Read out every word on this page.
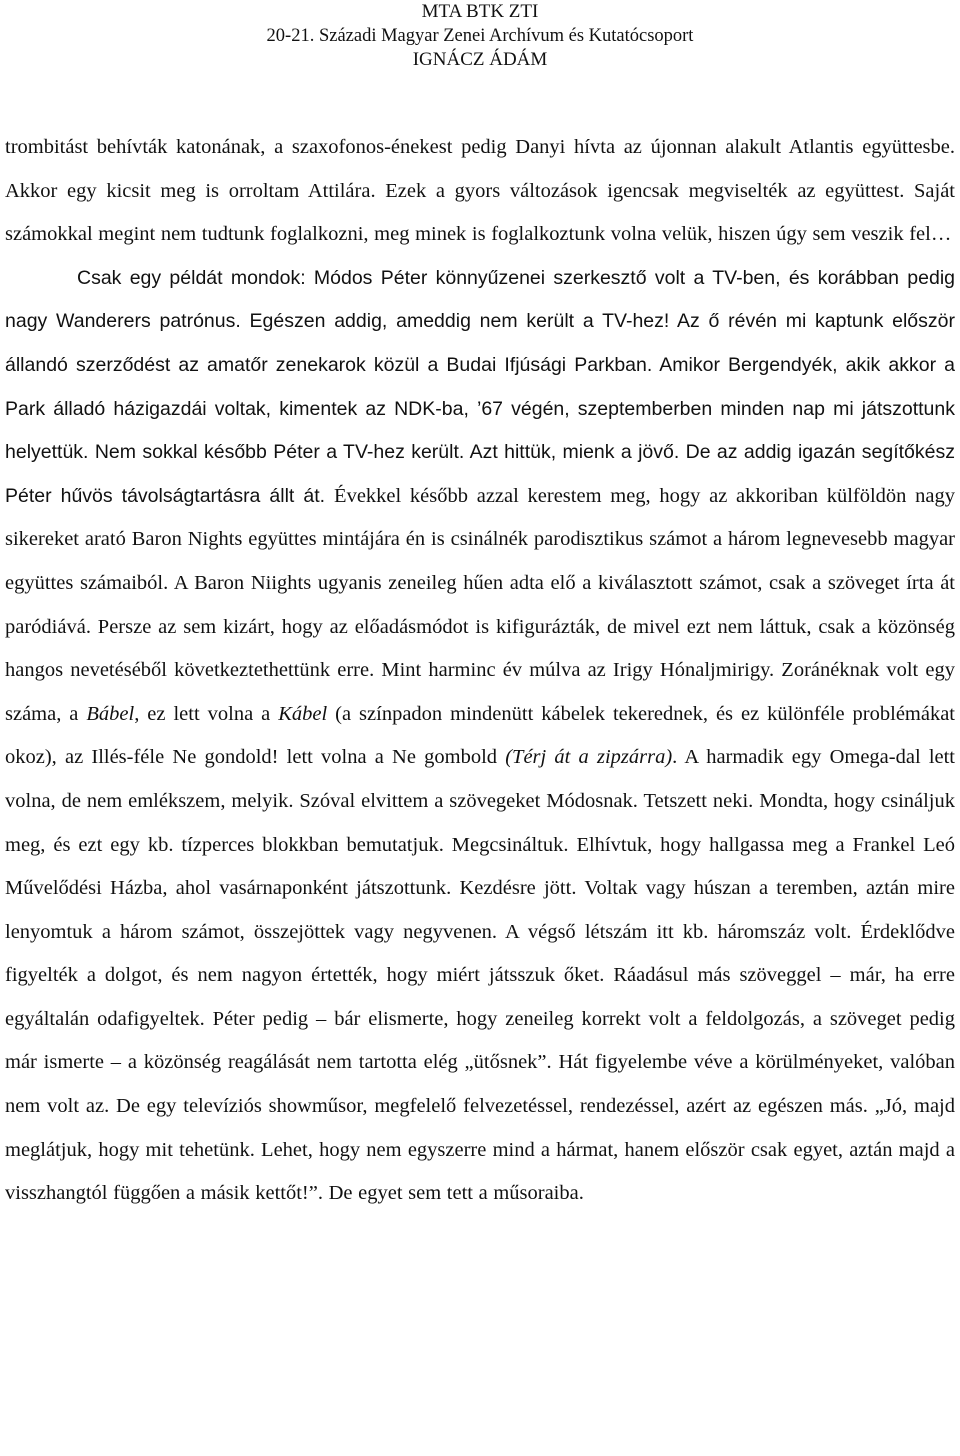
MTA BTK ZTI
20-21. Századi Magyar Zenei Archívum és Kutatócsoport
IGNÁCZ ÁDÁM

trombitást behívták katonának, a szaxofonos-énekest pedig Danyi hívta az újonnan alakult Atlantis együttesbe. Akkor egy kicsit meg is orroltam Attilára. Ezek a gyors változások igencsak megviselték az együttest. Saját számokkal megint nem tudtunk foglalkozni, meg minek is foglalkoztunk volna velük, hiszen úgy sem veszik fel…

Csak egy példát mondok: Módos Péter könnyűzenei szerkesztő volt a TV-ben, és korábban pedig nagy Wanderers patrónus. Egészen addig, ameddig nem került a TV-hez! Az ő révén mi kaptunk először állandó szerződést az amatőr zenekarok közül a Budai Ifjúsági Parkban. Amikor Bergendyék, akik akkor a Park álladó házigazdái voltak, kimentek az NDK-ba, ’67 végén, szeptemberben minden nap mi játszottunk helyettük. Nem sokkal később Péter a TV-hez került. Azt hittük, mienk a jövő. De az addig igazán segítőkész Péter hűvös távolságtartásra állt át. Évekkel később azzal kerestem meg, hogy az akkoriban külföldön nagy sikereket arató Baron Nights együttes mintájára én is csinálnék parodisztikus számot a három legnevesebb magyar együttes számaiból. A Baron Niights ugyanis zeneileg hűen adta elő a kiválasztott számot, csak a szöveget írta át paródiává. Persze az sem kizárt, hogy az előadásmódot is kifigurázták, de mivel ezt nem láttuk, csak a közönség hangos nevetéséből következtethettünk erre. Mint harminc év múlva az Irigy Hónaljmirigy. Zoránéknak volt egy száma, a Bábel, ez lett volna a Kábel (a színpadon mindenütt kábelek tekerednek, és ez különféle problémákat okoz), az Illés-féle Ne gondold! lett volna a Ne gombold (Térj át a zipzárra). A harmadik egy Omega-dal lett volna, de nem emlékszem, melyik. Szóval elvittem a szövegeket Módosnak. Tetszett neki. Mondta, hogy csináljuk meg, és ezt egy kb. tízperces blokkban bemutatjuk. Megcsináltuk. Elhívtuk, hogy hallgassa meg a Frankel Leó Művelődési Házba, ahol vasárnaponként játszottunk. Kezdésre jött. Voltak vagy húszan a teremben, aztán mire lenyomtuk a három számot, összejöttek vagy negyvenen. A végső létszám itt kb. háromszáz volt. Érdeklődve figyelték a dolgot, és nem nagyon értették, hogy miért játsszuk őket. Ráadásul más szöveggel – már, ha erre egyáltalán odafigyeltek. Péter pedig – bár elismerte, hogy zeneileg korrekt volt a feldolgozás, a szöveget pedig már ismerte – a közönség reagálását nem tartotta elég „ütősnek”. Hát figyelembe véve a körülményeket, valóban nem volt az. De egy televíziós showműsor, megfelelő felvezetéssel, rendezéssel, azért az egészen más. „Jó, majd meglátjuk, hogy mit tehetünk. Lehet, hogy nem egyszerre mind a hármat, hanem először csak egyet, aztán majd a visszhangtól függően a másik kettőt!”. De egyet sem tett a műsoraiba.
